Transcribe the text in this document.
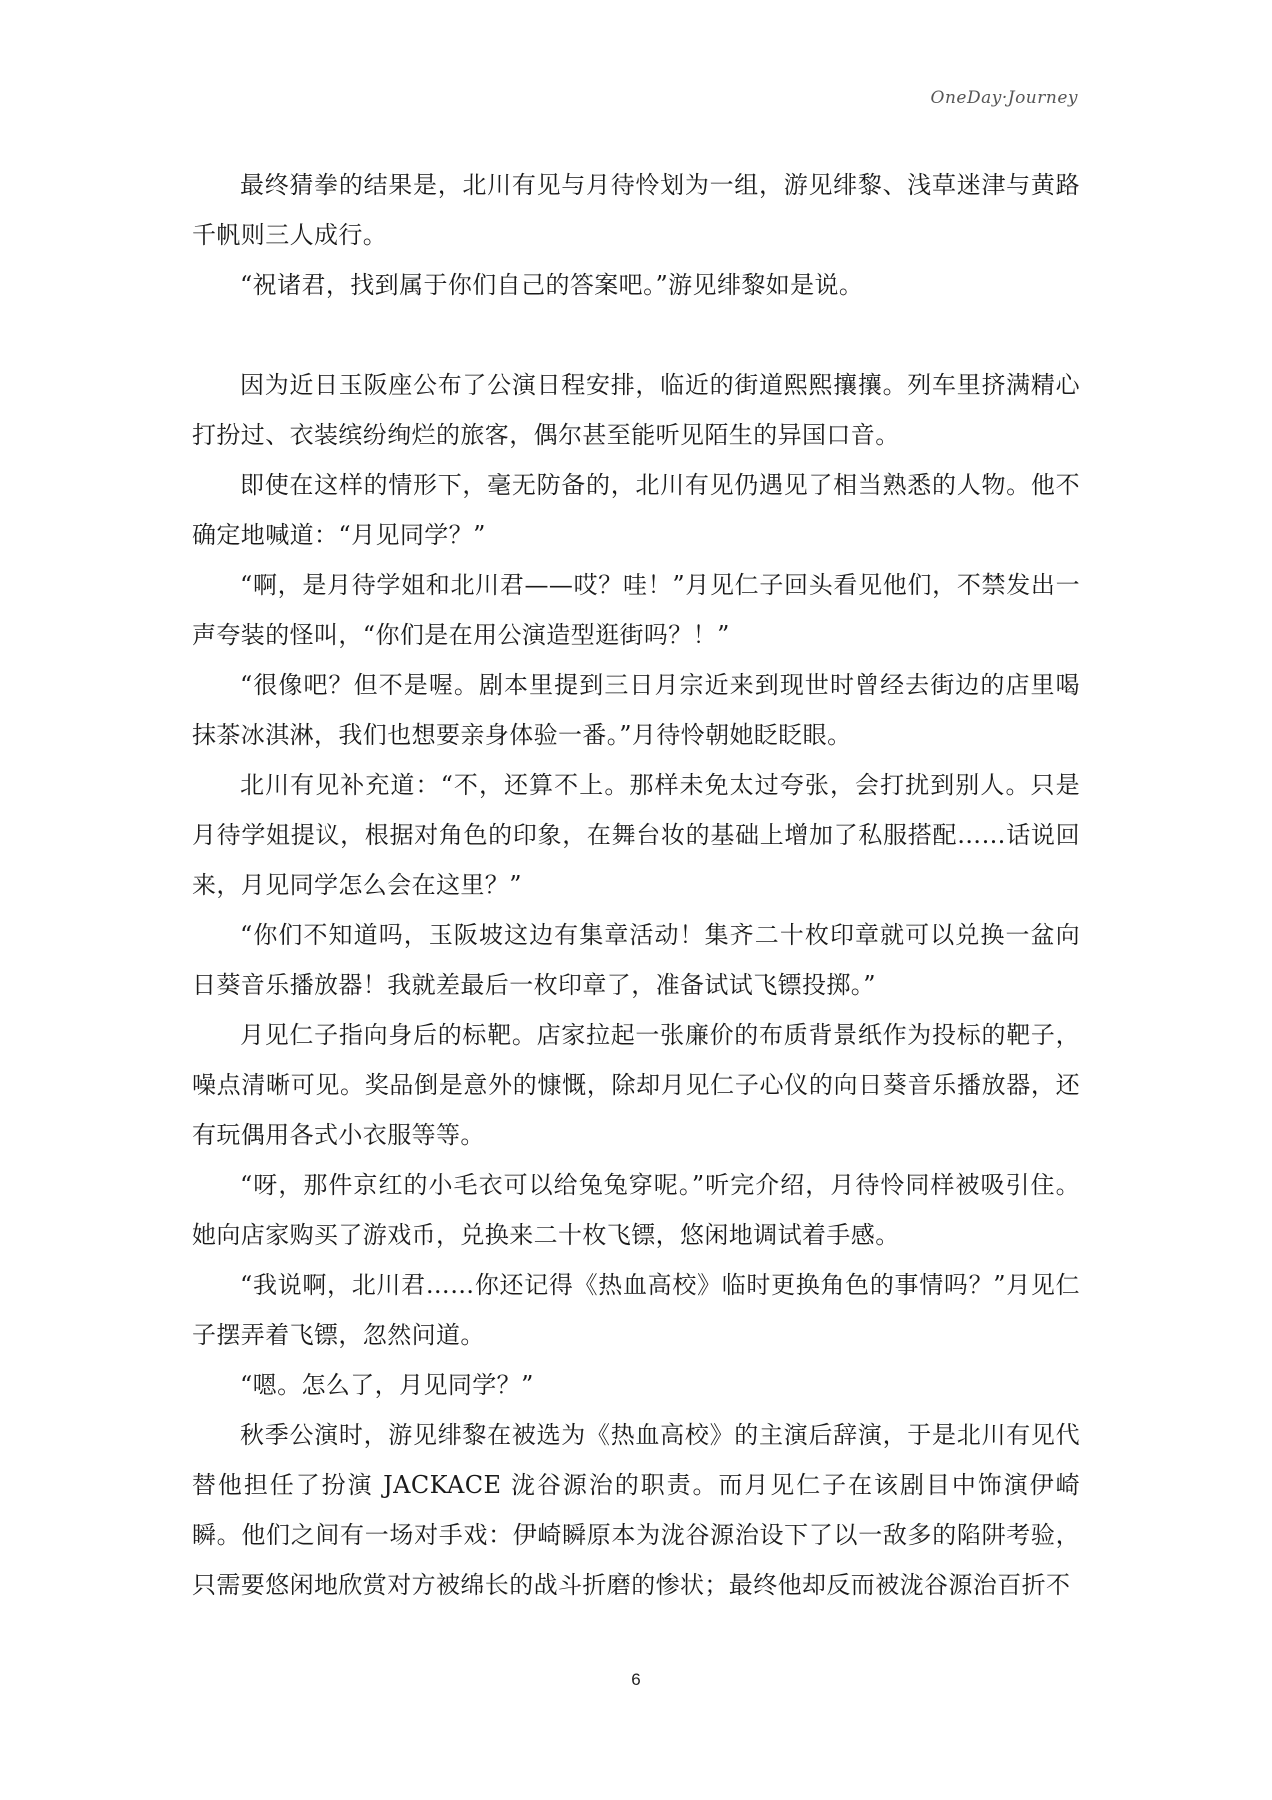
OneDay·Journey

最终猜拳的结果是，北川有见与月待怜划为一组，游见绯黎、浅草迷津与黄路千帆则三人成行。

“祝诸君，找到属于你们自己的答案吧。”游见绯黎如是说。

因为近日玉阪座公布了公演日程安排，临近的街道熙熙攘攘。列车里挤满精心打扮过、衣装缤纷绚烂的旅客，偶尔甚至能听见陌生的异国口音。

即使在这样的情形下，毫无防备的，北川有见仍遇见了相当熟悉的人物。他不确定地喊道：“月见同学？”

“啊，是月待学姐和北川君——哎？哇！”月见仁子回头看见他们，不禁发出一声夸装的怪叫，“你们是在用公演造型逛街吗？！”

“很像吧？但不是喔。剧本里提到三日月宗近来到现世时曾经去街边的店里喝抹茶冰淇淋，我们也想要亲身体验一番。”月待怜朝她眨眨眼。

北川有见补充道：“不，还算不上。那样未免太过夸张，会打扰到别人。只是月待学姐提议，根据对角色的印象，在舞台妆的基础上增加了私服搭配……话说回来，月见同学怎么会在这里？”

“你们不知道吗，玉阪坡这边有集章活动！集齐二十枚印章就可以兑换一盆向日葵音乐播放器！我就差最后一枚印章了，准备试试飞镖投掷。”

月见仁子指向身后的标靶。店家拉起一张廉价的布质背景纸作为投标的靶子，噪点清晰可见。奖品倒是意外的慷慨，除却月见仁子心仪的向日葵音乐播放器，还有玩偶用各式小衣服等等。

“呀，那件京红的小毛衣可以给兔兔穿呢。”听完介绍，月待怜同样被吸引住。她向店家购买了游戏币，兑换来二十枚飞镖，悠闲地调试着手感。

“我说啊，北川君……你还记得《热血高校》临时更换角色的事情吗？”月见仁子摆弄着飞镖，忽然问道。

“嗯。怎么了，月见同学？”

秋季公演时，游见绯黎在被选为《热血高校》的主演后辞演，于是北川有见代替他担任了扮演 JACKACE 泷谷源治的职责。而月见仁子在该剧目中饰演伊崎瞬。他们之间有一场对手戏：伊崎瞬原本为泷谷源治设下了以一敌多的陷阱考验，只需要悠闲地欣赏对方被绵长的战斗折磨的惨状；最终他却反而被泷谷源治百折不

6
